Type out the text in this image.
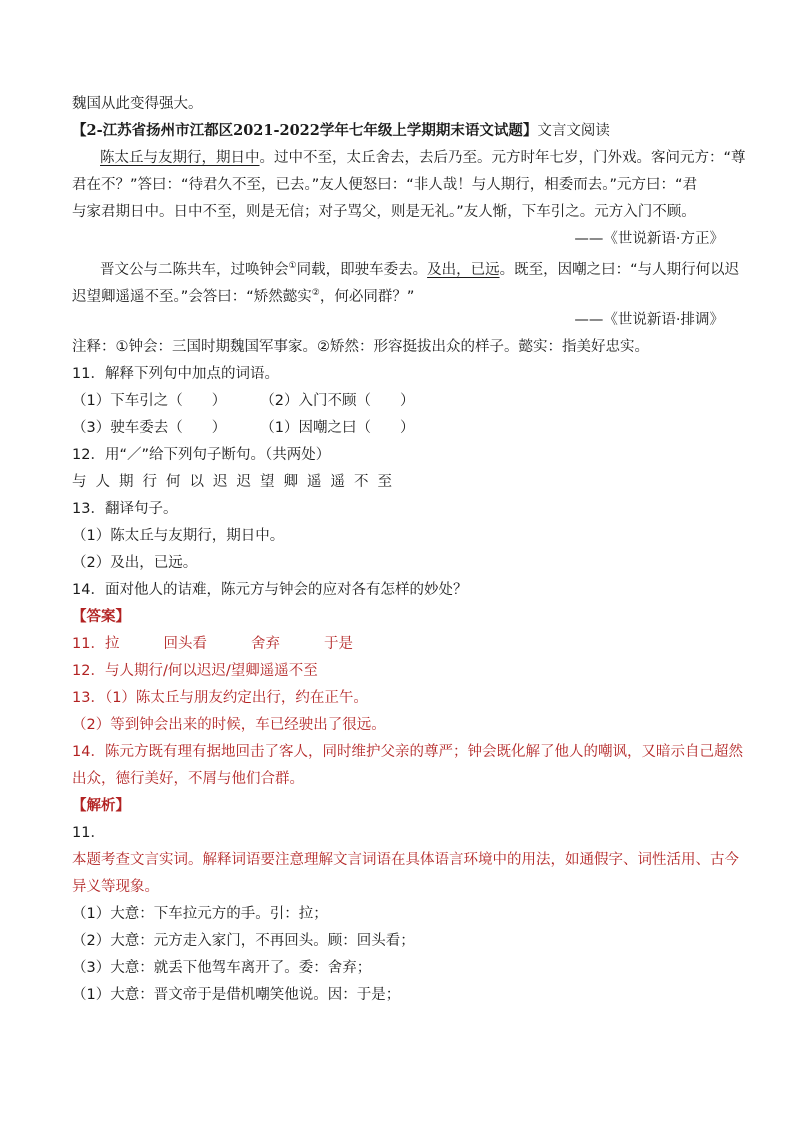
魏国从此变得强大。
【2-江苏省扬州市江都区2021-2022学年七年级上学期期末语文试题】文言文阅读
陈太丘与友期行，期日中。过中不至，太丘舍去，去后乃至。元方时年七岁，门外戏。客问元方：“尊
君在不？”答曰：“待君久不至，已去。”友人便怒曰：“非人哉！与人期行，相委而去。”元方曰：“君
与家君期日中。日中不至，则是无信；对子骂父，则是无礼。”友人惭，下车引之。元方入门不顾。
——《世说新语·方正》
晋文公与二陈共车，过唤钟会①同载，即驶车委去。及出，已远。既至，因嘲之曰：“与人期行何以迟
迟望卿遥遥不至。”会答曰：“矫然懿实②，何必同群？”
——《世说新语·排调》
注释：①钟会：三国时期魏国军事家。②矫然：形容挺拔出众的样子。懿实：指美好忠实。
11．解释下列句中加点的词语。
（1）下车引之（　　） （2）入门不顾（　　）
（3）驶车委去（　　） （1）因嘲之曰（　　）
12．用“／”给下列句子断句。（共两处）
与人期行何以迟迟望卿遥遥不至
13．翻译句子。
（1）陈太丘与友期行，期日中。
（2）及出，已远。
14．面对他人的诘难，陈元方与钟会的应对各有怎样的妙处？
【答案】
11．拉	回头看	舍弃	于是
12．与人期行/何以迟迟/望卿遥遥不至
13．（1）陈太丘与朋友约定出行，约在正午。
（2）等到钟会出来的时候，车已经驶出了很远。
14．陈元方既有理有据地回击了客人，同时维护父亲的尊严；钟会既化解了他人的嘲讽，又暗示自己超然
出众，德行美好，不屑与他们合群。
【解析】
11．
本题考查文言实词。解释词语要注意理解文言词语在具体语言环境中的用法，如通假字、词性活用、古今
异义等现象。
（1）大意：下车拉元方的手。引：拉；
（2）大意：元方走入家门，不再回头。顾：回头看；
（3）大意：就丢下他驾车离开了。委：舍弃；
（1）大意：晋文帝于是借机嘲笑他说。因：于是；
